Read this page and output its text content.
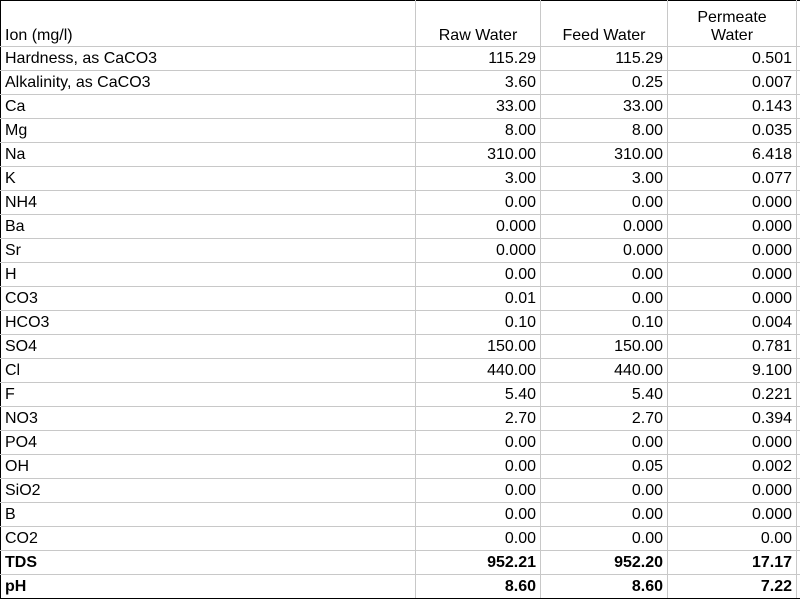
Ion (mg/l)	Raw Water	Feed Water	Permeate
Water	
Hardness, as CaCO3	115.29	115.29	0.501	
Alkalinity, as CaCO3	3.60	0.25	0.007	
Ca	33.00	33.00	0.143	
Mg	8.00	8.00	0.035	
Na	310.00	310.00	6.418	
K	3.00	3.00	0.077	
NH4	0.00	0.00	0.000	
Ba	0.000	0.000	0.000	
Sr	0.000	0.000	0.000	
H	0.00	0.00	0.000	
CO3	0.01	0.00	0.000	
HCO3	0.10	0.10	0.004	
SO4	150.00	150.00	0.781	
Cl	440.00	440.00	9.100	
F	5.40	5.40	0.221	
NO3	2.70	2.70	0.394	
PO4	0.00	0.00	0.000	
OH	0.00	0.05	0.002	
SiO2	0.00	0.00	0.000	
B	0.00	0.00	0.000	
CO2	0.00	0.00	0.00	
TDS	952.21	952.20	17.17	
pH	8.60	8.60	7.22	
